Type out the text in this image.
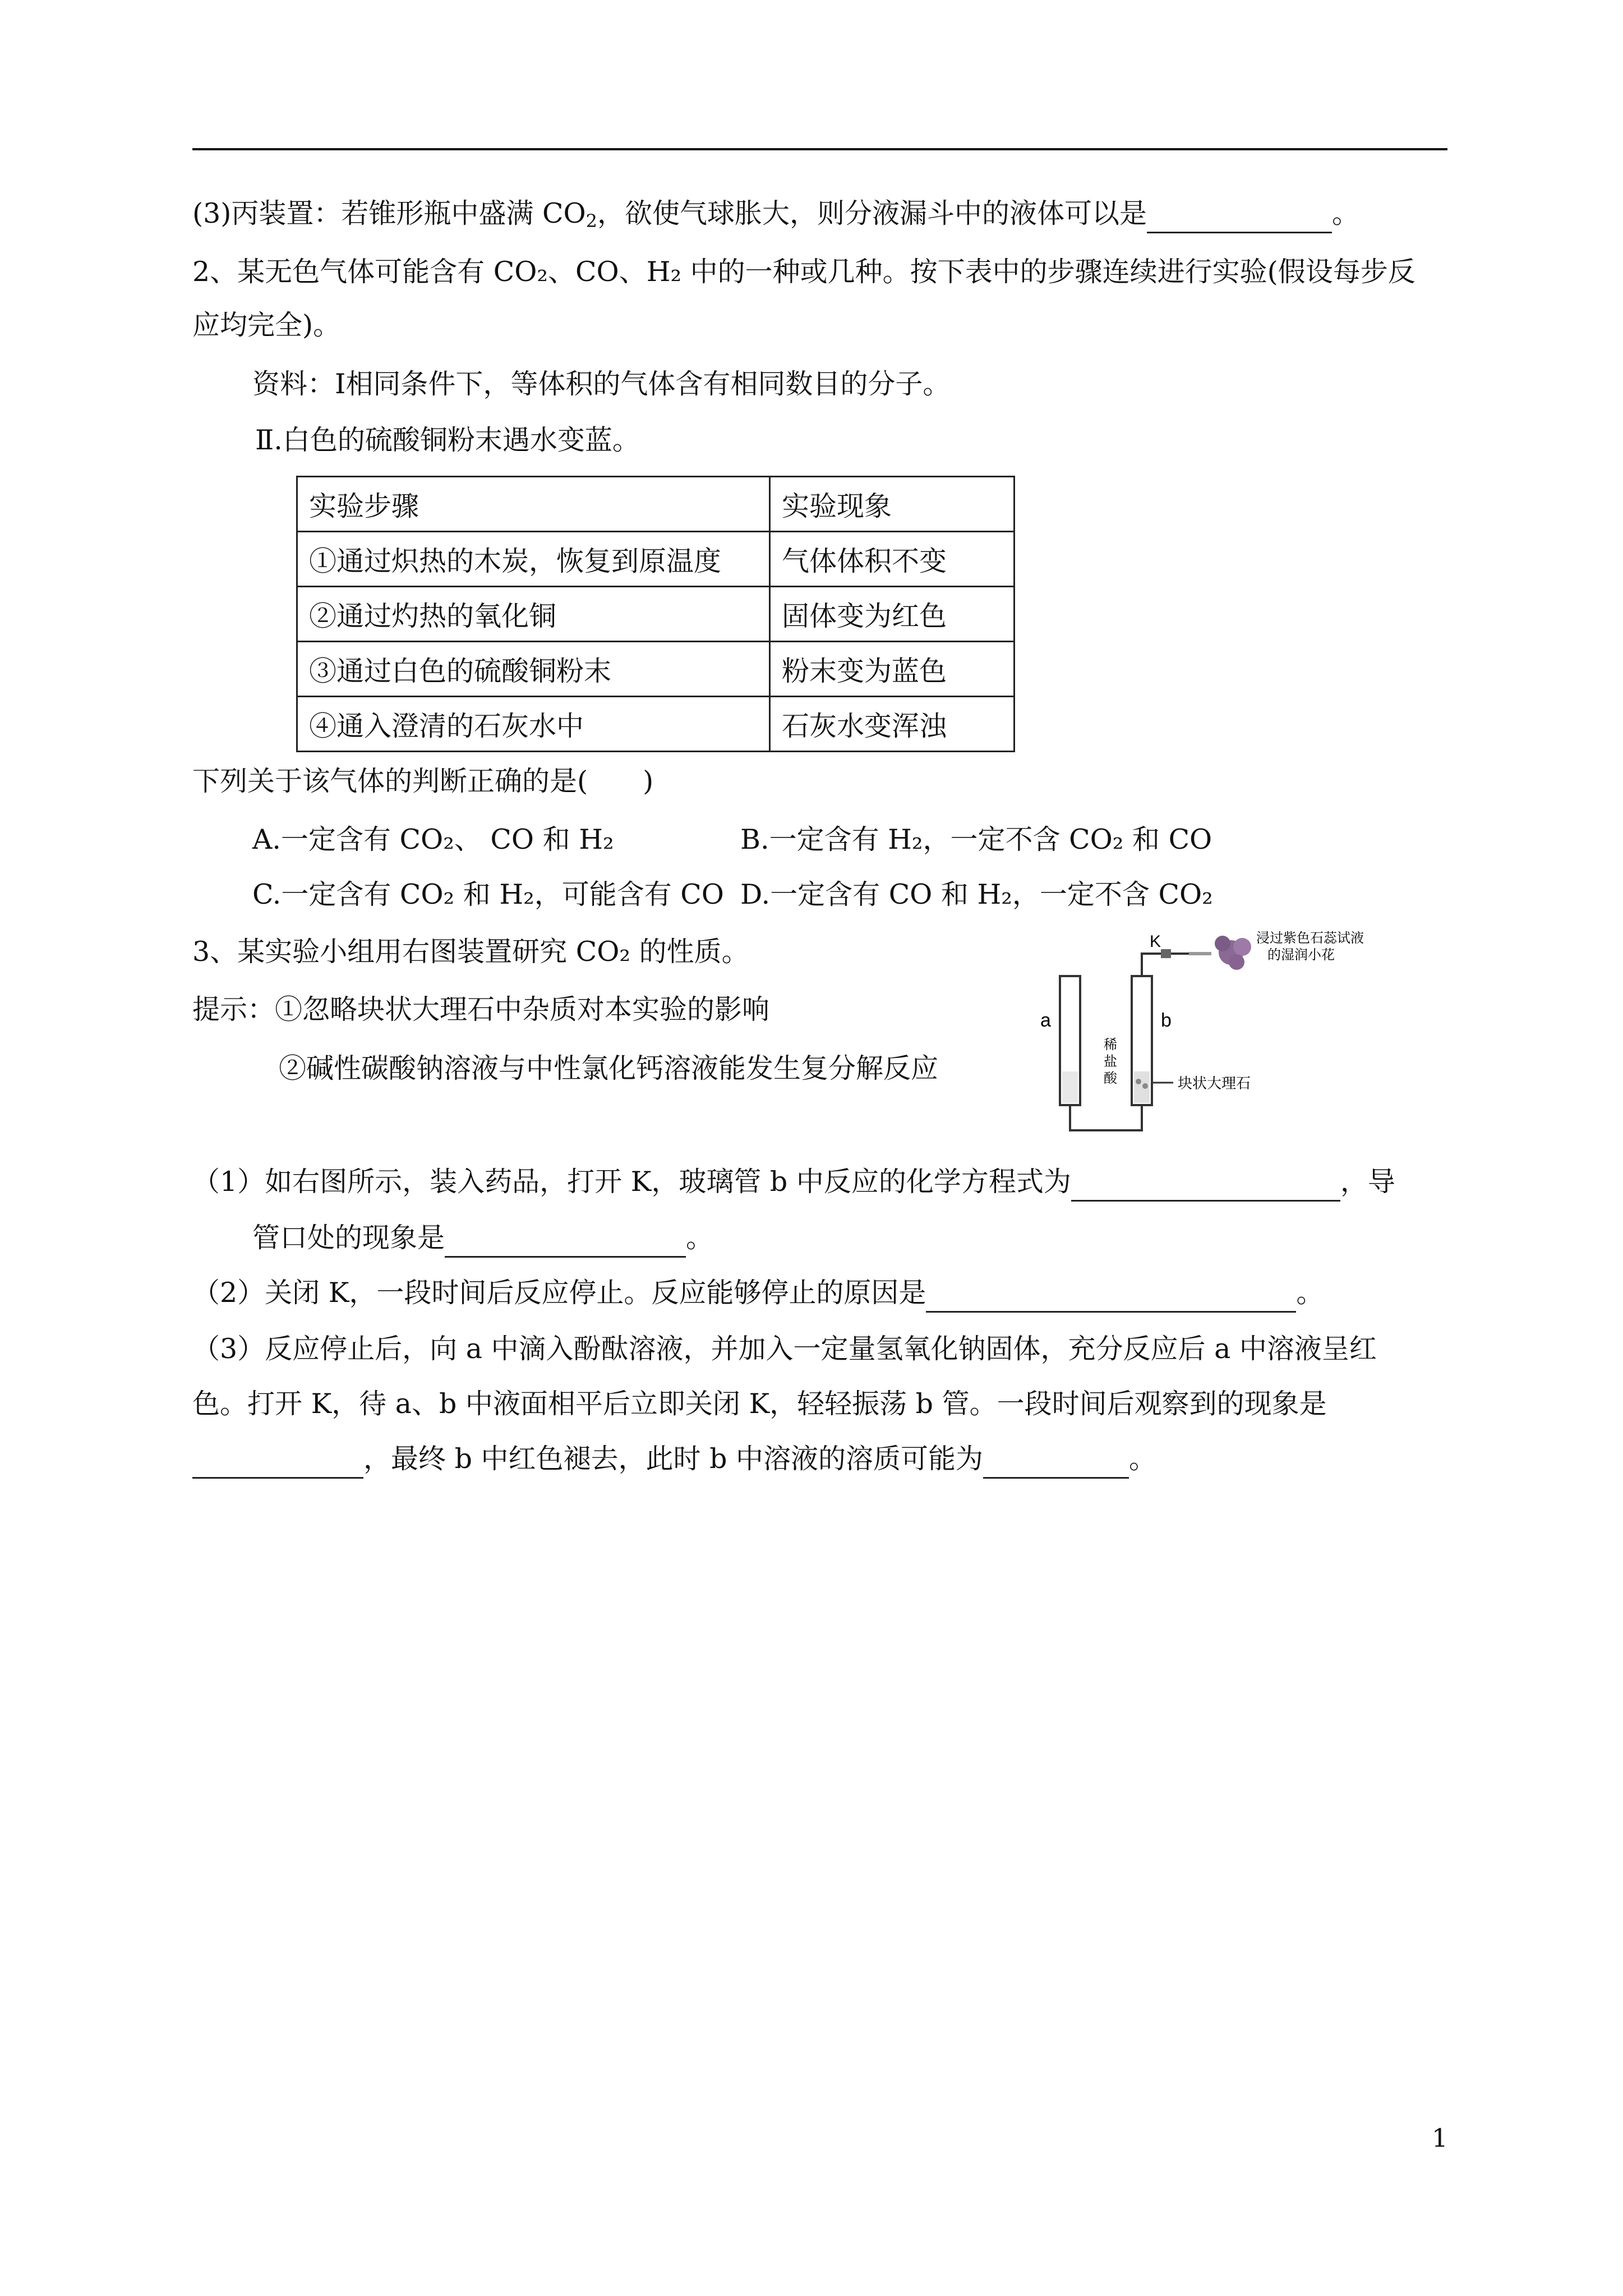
(3)丙装置：若锥形瓶中盛满 $CO_2$，欲使气球胀大，则分液漏斗中的液体可以是	。
2、某无色气体可能含有 CO₂、CO、H₂ 中的一种或几种。按下表中的步骤连续进行实验(假设每步反
应均完全)。
资料：Ⅰ相同条件下，等体积的气体含有相同数目的分子。
Ⅱ.白色的硫酸铜粉末遇水变蓝。
实验步骤	实验现象
①通过炽热的木炭，恢复到原温度	气体体积不变
②通过灼热的氧化铜	固体变为红色
③通过白色的硫酸铜粉末	粉末变为蓝色
④通入澄清的石灰水中	石灰水变浑浊
下列关于该气体的判断正确的是(　　)
A.一定含有 CO₂、 CO 和 H₂	B.一定含有 H₂，一定不含 CO₂ 和 CO
C.一定含有 CO₂ 和 H₂，可能含有 CO D.一定含有 CO 和 H₂，一定不含 CO₂
3、某实验小组用右图装置研究 CO₂ 的性质。
提示：①忽略块状大理石中杂质对本实验的影响
②碱性碳酸钠溶液与中性氯化钙溶液能发生复分解反应
K
a	b
浸过紫色石蕊试液
的湿润小花
稀
盐
酸	块状大理石
（1）如右图所示，装入药品，打开 K，玻璃管 b 中反应的化学方程式为	，导
管口处的现象是	。
（2）关闭 K，一段时间后反应停止。反应能够停止的原因是	。
（3）反应停止后，向 a 中滴入酚酞溶液，并加入一定量氢氧化钠固体，充分反应后 a 中溶液呈红
色。打开 K，待 a、b 中液面相平后立即关闭 K，轻轻振荡 b 管。一段时间后观察到的现象是
，最终 b 中红色褪去，此时 b 中溶液的溶质可能为	。
1
